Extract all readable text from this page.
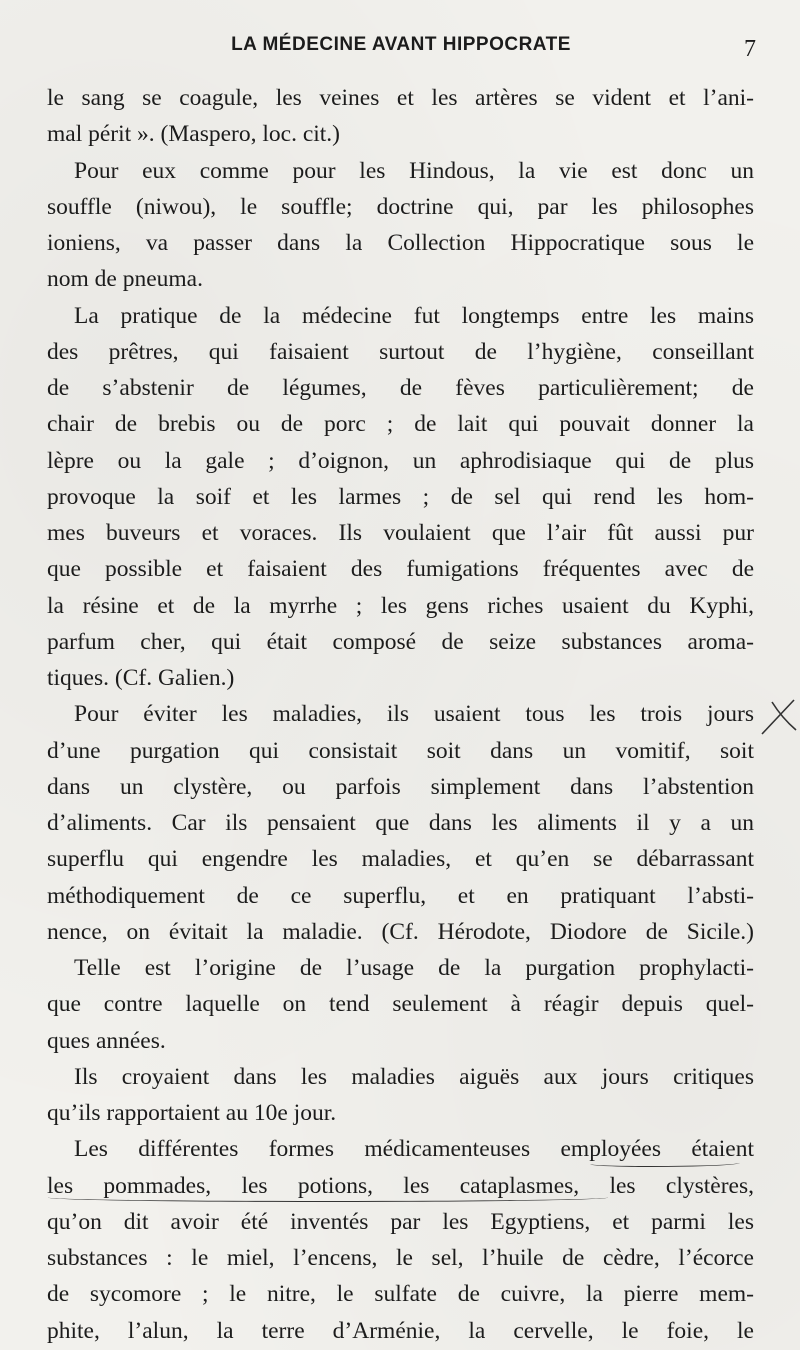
LA MÉDECINE AVANT HIPPOCRATE	7
le sang se coagule, les veines et les artères se vident et l’ani-
mal périt ». (Maspero, loc. cit.)
Pour eux comme pour les Hindous, la vie est donc un
souffle (niwou), le souffle; doctrine qui, par les philosophes
ioniens, va passer dans la Collection Hippocratique sous le
nom de pneuma.
La pratique de la médecine fut longtemps entre les mains
des prêtres, qui faisaient surtout de l’hygiène, conseillant
de s’abstenir de légumes, de fèves particulièrement; de
chair de brebis ou de porc ; de lait qui pouvait donner la
lèpre ou la gale ; d’oignon, un aphrodisiaque qui de plus
provoque la soif et les larmes ; de sel qui rend les hom-
mes buveurs et voraces. Ils voulaient que l’air fût aussi pur
que possible et faisaient des fumigations fréquentes avec de
la résine et de la myrrhe ; les gens riches usaient du Kyphi,
parfum cher, qui était composé de seize substances aroma-
tiques. (Cf. Galien.)
Pour éviter les maladies, ils usaient tous les trois jours
d’une purgation qui consistait soit dans un vomitif, soit
dans un clystère, ou parfois simplement dans l’abstention
d’aliments. Car ils pensaient que dans les aliments il y a un
superflu qui engendre les maladies, et qu’en se débarrassant
méthodiquement de ce superflu, et en pratiquant l’absti-
nence, on évitait la maladie. (Cf. Hérodote, Diodore de Sicile.)
Telle est l’origine de l’usage de la purgation prophylacti-
que contre laquelle on tend seulement à réagir depuis quel-
ques années.
Ils croyaient dans les maladies aiguës aux jours critiques
qu’ils rapportaient au 10e jour.
Les différentes formes médicamenteuses employées étaient
les pommades, les potions, les cataplasmes, les clystères,
qu’on dit avoir été inventés par les Egyptiens, et parmi les
substances : le miel, l’encens, le sel, l’huile de cèdre, l’écorce
de sycomore ; le nitre, le sulfate de cuivre, la pierre mem-
phite, l’alun, la terre d’Arménie, la cervelle, le foie, le
